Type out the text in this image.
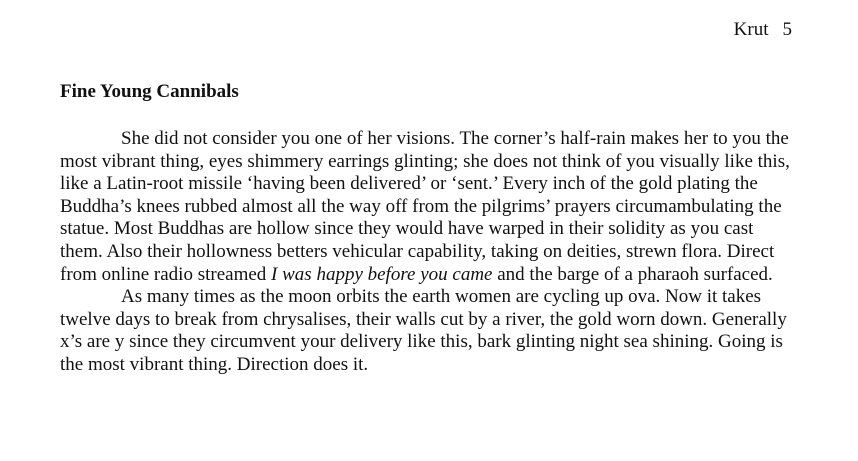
Krut 5
Fine Young Cannibals

She did not consider you one of her visions. The corner’s half-rain makes her to you the most vibrant thing, eyes shimmery earrings glinting; she does not think of you visually like this, like a Latin-root missile ‘having been delivered’ or ‘sent.’ Every inch of the gold plating the Buddha’s knees rubbed almost all the way off from the pilgrims’ prayers circumambulating the statue. Most Buddhas are hollow since they would have warped in their solidity as you cast them. Also their hollowness betters vehicular capability, taking on deities, strewn flora. Direct from online radio streamed I was happy before you came and the barge of a pharaoh surfaced.

As many times as the moon orbits the earth women are cycling up ova. Now it takes twelve days to break from chrysalises, their walls cut by a river, the gold worn down. Generally x’s are y since they circumvent your delivery like this, bark glinting night sea shining. Going is the most vibrant thing. Direction does it.
